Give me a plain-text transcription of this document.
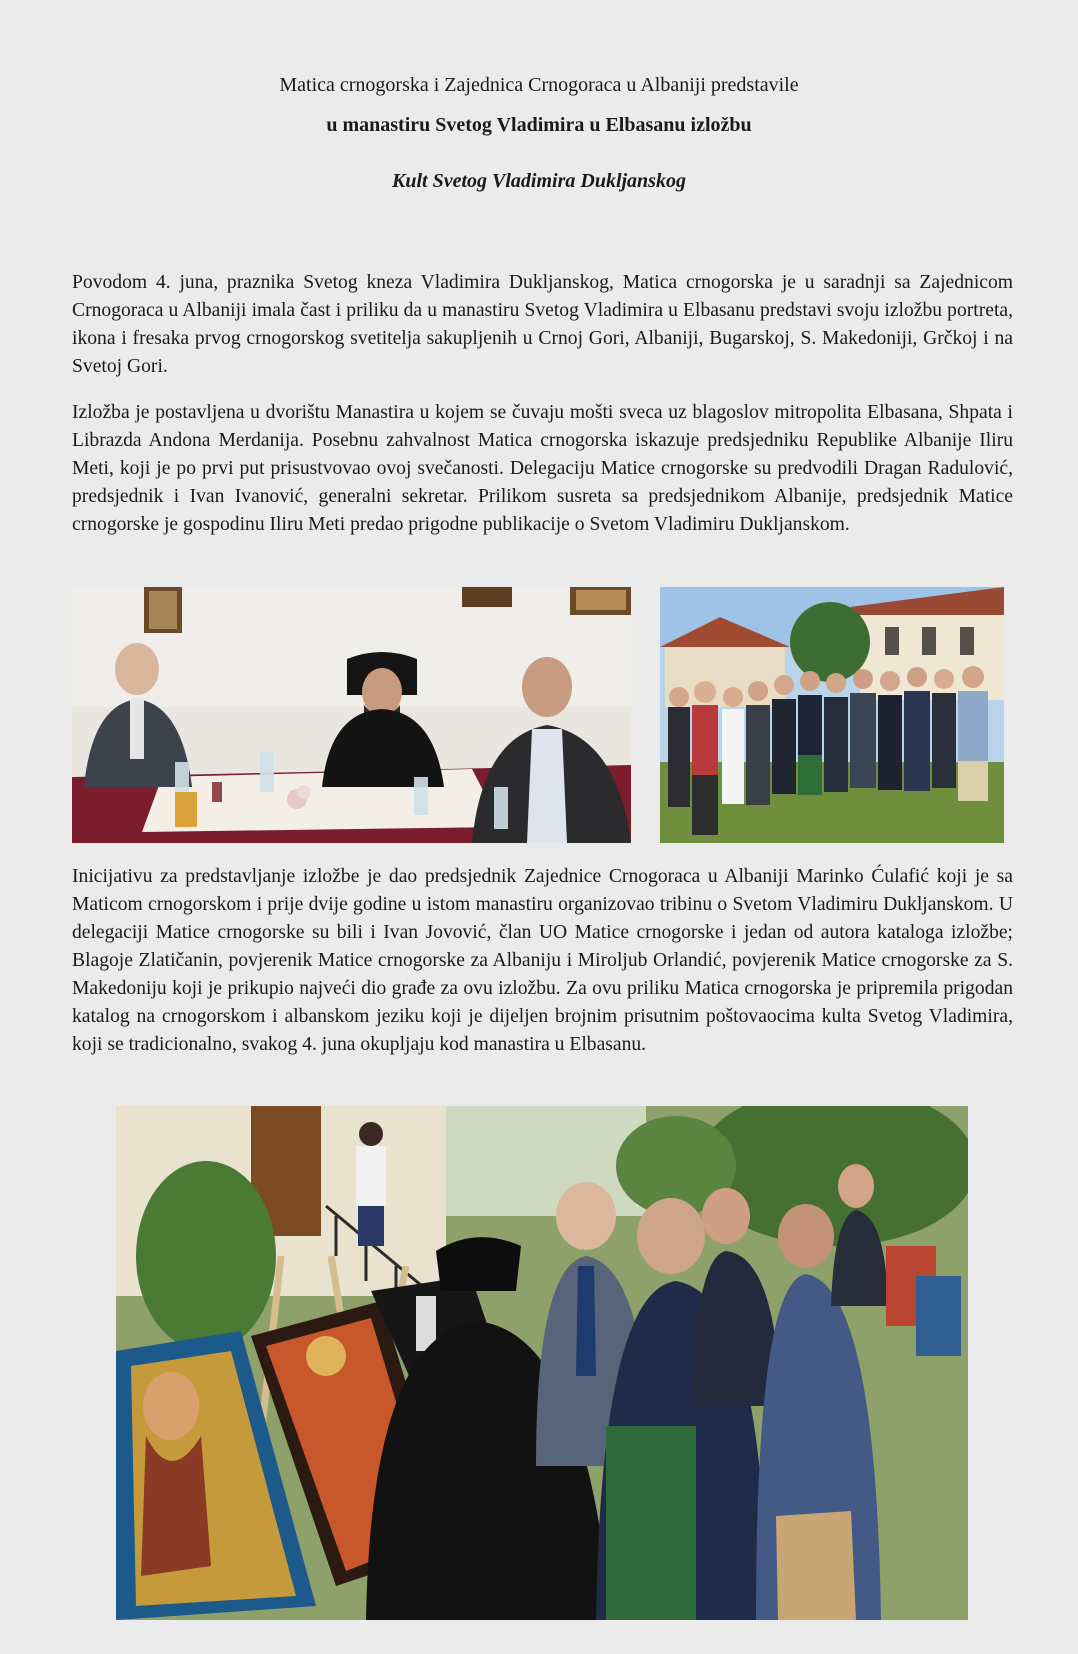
Matica crnogorska i Zajednica Crnogoraca u Albaniji predstavile
u manastiru Svetog Vladimira u Elbasanu izložbu
Kult Svetog Vladimira Dukljanskog

Povodom 4. juna, praznika Svetog kneza Vladimira Dukljanskog, Matica crnogorska je u saradnji sa Zajednicom Crnogoraca u Albaniji imala čast i priliku da u manastiru Svetog Vladimira u Elbasanu predstavi svoju izložbu portreta, ikona i fresaka prvog crnogorskog svetitelja sakupljenih u Crnoj Gori, Albaniji, Bugarskoj, S. Makedoniji, Grčkoj i na Svetoj Gori.

Izložba je postavljena u dvorištu Manastira u kojem se čuvaju mošti sveca uz blagoslov mitropolita Elbasana, Shpata i Librazda Andona Merdanija. Posebnu zahvalnost Matica crnogorska iskazuje predsjedniku Republike Albanije Iliru Meti, koji je po prvi put prisustvovao ovoj svečanosti. Delegaciju Matice crnogorske su predvodili Dragan Radulović, predsjednik i Ivan Ivanović, generalni sekretar. Prilikom susreta sa predsjednikom Albanije, predsjednik Matice crnogorske je gospodinu Iliru Meti predao prigodne publikacije o Svetom Vladimiru Dukljanskom.

Inicijativu za predstavljanje izložbe je dao predsjednik Zajednice Crnogoraca u Albaniji Marinko Ćulafić koji je sa Maticom crnogorskom i prije dvije godine u istom manastiru organizovao tribinu o Svetom Vladimiru Dukljanskom. U delegaciji Matice crnogorske su bili i Ivan Jovović, član UO Matice crnogorske i jedan od autora kataloga izložbe; Blagoje Zlatičanin, povjerenik Matice crnogorske za Albaniju i Miroljub Orlandić, povjerenik Matice crnogorske za S. Makedoniju koji je prikupio najveći dio građe za ovu izložbu. Za ovu priliku Matica crnogorska je pripremila prigodan katalog na crnogorskom i albanskom jeziku koji je dijeljen brojnim prisutnim poštovaocima kulta Svetog Vladimira, koji se tradicionalno, svakog 4. juna okupljaju kod manastira u Elbasanu.
